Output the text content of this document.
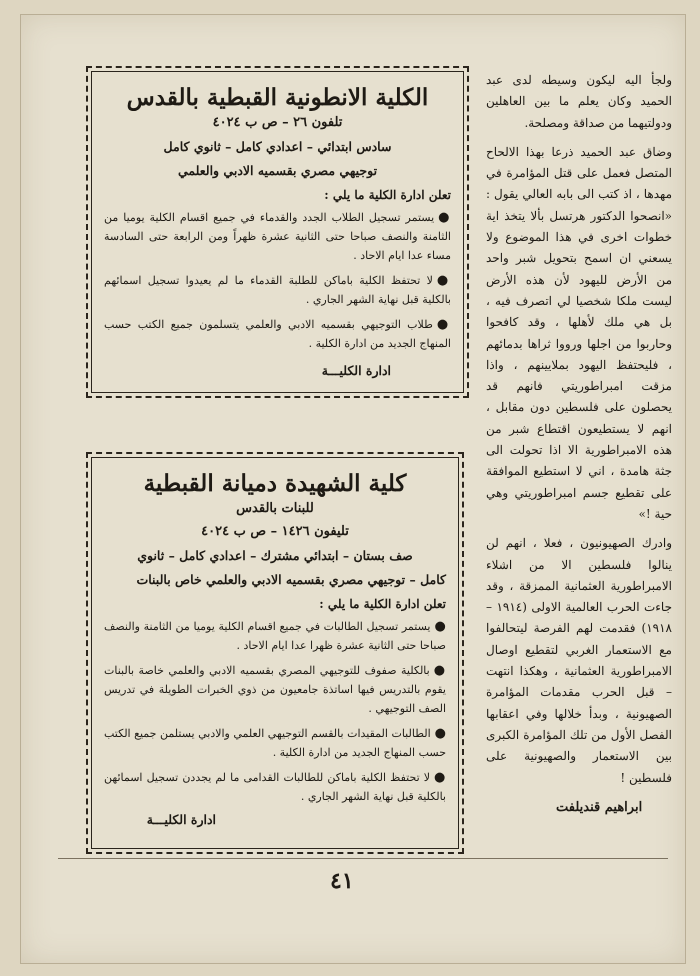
ولجأ اليه ليكون وسيطه لدى عبد الحميد وكان يعلم ما بين العاهلين ودولتيهما من صداقة ومصلحة.

وضاق عبد الحميد ذرعا بهذا الالحاح المتصل فعمل على قتل المؤامرة في مهدها ، اذ كتب الى بابه العالي يقول : «انصحوا الدكتور هرتسل بألا يتخذ اية خطوات اخرى في هذا الموضوع ولا يسعني ان اسمح بتحويل شبر واحد من الأرض لليهود لأن هذه الأرض ليست ملكا شخصيا لي اتصرف فيه ، بل هي ملك لأهلها ، وقد كافحوا وحاربوا من اجلها ورووا ثراها بدمائهم ، فليحتفظ اليهود بملايينهم ، واذا مزقت امبراطوريتي فانهم قد يحصلون على فلسطين دون مقابل ، انهم لا يستطيعون اقتطاع شبر من هذه الامبراطورية الا اذا تحولت الى جثة هامدة ، اني لا استطيع الموافقة على تقطيع جسم امبراطوريتي وهي حية !»

وادرك الصهيونيون ، فعلا ، انهم لن ينالوا فلسطين الا من اشلاء الامبراطورية العثمانية الممزقة ، وقد جاءت الحرب العالمية الاولى (١٩١٤ – ١٩١٨) فقدمت لهم الفرصة ليتحالفوا مع الاستعمار الغربي لتقطيع اوصال الامبراطورية العثمانية ، وهكذا انتهت – قبل الحرب مقدمات المؤامرة الصهيونية ، وبدأ خلالها وفي اعقابها الفصل الأول من تلك المؤامرة الكبرى بين الاستعمار والصهيونية على فلسطين !

ابراهيم قنديلفت
الكلية الانطونية القبطية بالقدس
تلفون ٢٦ – ص ب ٤٠٢٤
سادس ابتدائي – اعدادي كامل – ثانوي كامل
توجيهي مصري بقسميه الادبي والعلمي
تعلن ادارة الكلية ما يلي :
●يستمر تسجيل الطلاب الجدد والقدماء في جميع اقسام الكلية يوميا من الثامنة والنصف صباحا حتى الثانية عشرة ظهراً ومن الرابعة حتى السادسة مساء عدا ايام الاحاد .
●لا تحتفظ الكلية باماكن للطلبة القدماء ما لم يعيدوا تسجيل اسمائهم بالكلية قبل نهاية الشهر الجاري .
●طلاب التوجيهي بقسميه الادبي والعلمي يتسلمون جميع الكتب حسب المنهاج الجديد من ادارة الكلية .
ادارة الكليـــة
كلية الشهيدة دميانة القبطية
للبنات بالقدس
تليفون ١٤٢٦ – ص ب ٤٠٢٤
صف بستان – ابتدائي مشترك – اعدادي كامل – ثانوي
كامل – توجيهي مصري بقسميه الادبي والعلمي خاص بالبنات
تعلن ادارة الكلية ما يلي :
●يستمر تسجيل الطالبات في جميع اقسام الكلية يوميا من الثامنة والنصف صباحا حتى الثانية عشرة ظهرا عدا ايام الاحاد .
●بالكلية صفوف للتوجيهي المصري بقسميه الادبي والعلمي خاصة بالبنات يقوم بالتدريس فيها اساتذة جامعيون من ذوي الخبرات الطويلة في تدريس الصف التوجيهي .
●الطالبات المقيدات بالقسم التوجيهي العلمي والادبي يستلمن جميع الكتب حسب المنهاج الجديد من ادارة الكلية .
●لا تحتفظ الكلية باماكن للطالبات القدامى ما لم يجددن تسجيل اسمائهن بالكلية قبل نهاية الشهر الجاري .
ادارة الكليـــة
٤١
